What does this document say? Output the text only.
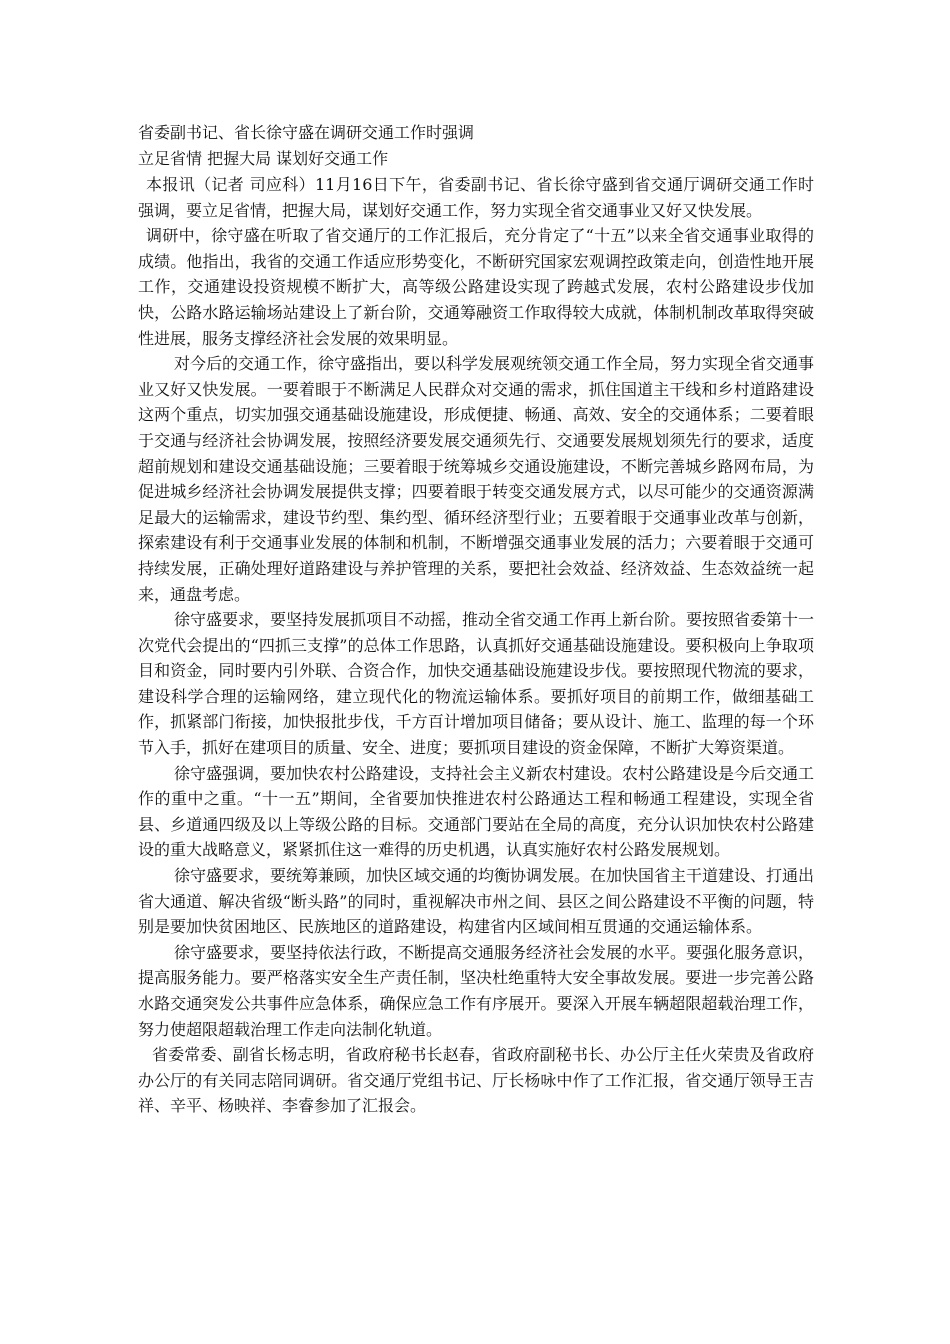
省委副书记、省长徐守盛在调研交通工作时强调

立足省情 把握大局 谋划好交通工作

本报讯（记者 司应科）11月16日下午，省委副书记、省长徐守盛到省交通厅调研交通工作时强调，要立足省情，把握大局，谋划好交通工作，努力实现全省交通事业又好又快发展。

调研中，徐守盛在听取了省交通厅的工作汇报后，充分肯定了“十五”以来全省交通事业取得的成绩。他指出，我省的交通工作适应形势变化，不断研究国家宏观调控政策走向，创造性地开展工作，交通建设投资规模不断扩大，高等级公路建设实现了跨越式发展，农村公路建设步伐加快，公路水路运输场站建设上了新台阶，交通筹融资工作取得较大成就，体制机制改革取得突破性进展，服务支撑经济社会发展的效果明显。

对今后的交通工作，徐守盛指出，要以科学发展观统领交通工作全局，努力实现全省交通事业又好又快发展。一要着眼于不断满足人民群众对交通的需求，抓住国道主干线和乡村道路建设这两个重点，切实加强交通基础设施建设，形成便捷、畅通、高效、安全的交通体系；二要着眼于交通与经济社会协调发展，按照经济要发展交通须先行、交通要发展规划须先行的要求，适度超前规划和建设交通基础设施；三要着眼于统筹城乡交通设施建设，不断完善城乡路网布局，为促进城乡经济社会协调发展提供支撑；四要着眼于转变交通发展方式，以尽可能少的交通资源满足最大的运输需求，建设节约型、集约型、循环经济型行业；五要着眼于交通事业改革与创新，探索建设有利于交通事业发展的体制和机制，不断增强交通事业发展的活力；六要着眼于交通可持续发展，正确处理好道路建设与养护管理的关系，要把社会效益、经济效益、生态效益统一起来，通盘考虑。

徐守盛要求，要坚持发展抓项目不动摇，推动全省交通工作再上新台阶。要按照省委第十一次党代会提出的“四抓三支撑”的总体工作思路，认真抓好交通基础设施建设。要积极向上争取项目和资金，同时要内引外联、合资合作，加快交通基础设施建设步伐。要按照现代物流的要求，建设科学合理的运输网络，建立现代化的物流运输体系。要抓好项目的前期工作，做细基础工作，抓紧部门衔接，加快报批步伐，千方百计增加项目储备；要从设计、施工、监理的每一个环节入手，抓好在建项目的质量、安全、进度；要抓项目建设的资金保障，不断扩大筹资渠道。

徐守盛强调，要加快农村公路建设，支持社会主义新农村建设。农村公路建设是今后交通工作的重中之重。“十一五”期间，全省要加快推进农村公路通达工程和畅通工程建设，实现全省县、乡道通四级及以上等级公路的目标。交通部门要站在全局的高度，充分认识加快农村公路建设的重大战略意义，紧紧抓住这一难得的历史机遇，认真实施好农村公路发展规划。

徐守盛要求，要统筹兼顾，加快区域交通的均衡协调发展。在加快国省主干道建设、打通出省大通道、解决省级“断头路”的同时，重视解决市州之间、县区之间公路建设不平衡的问题，特别是要加快贫困地区、民族地区的道路建设，构建省内区域间相互贯通的交通运输体系。

徐守盛要求，要坚持依法行政，不断提高交通服务经济社会发展的水平。要强化服务意识，提高服务能力。要严格落实安全生产责任制，坚决杜绝重特大安全事故发展。要进一步完善公路水路交通突发公共事件应急体系，确保应急工作有序展开。要深入开展车辆超限超载治理工作，努力使超限超载治理工作走向法制化轨道。

省委常委、副省长杨志明，省政府秘书长赵春，省政府副秘书长、办公厅主任火荣贵及省政府办公厅的有关同志陪同调研。省交通厅党组书记、厅长杨咏中作了工作汇报，省交通厅领导王吉祥、辛平、杨映祥、李睿参加了汇报会。
